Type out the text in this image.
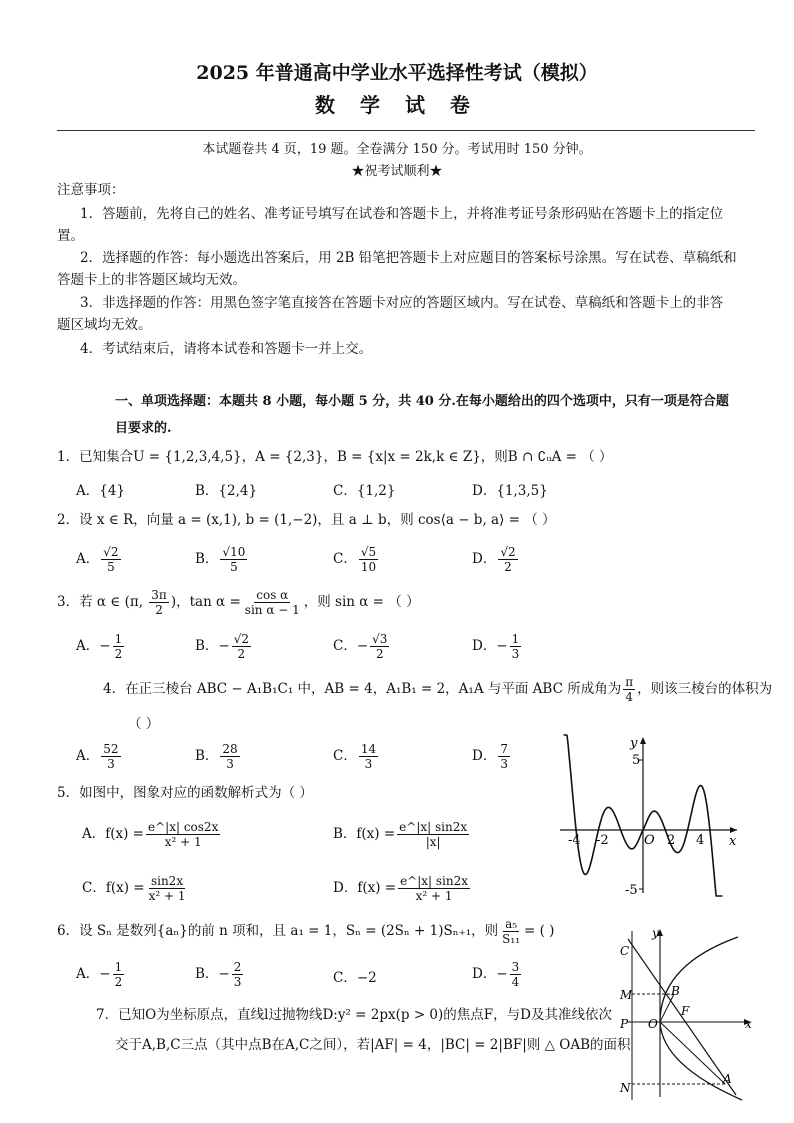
2025 年普通高中学业水平选择性考试（模拟）
数 学 试 卷
本试题卷共 4 页，19 题。全卷满分 150 分。考试用时 150 分钟。
★祝考试顺利★
注意事项：
1．答题前，先将自己的姓名、准考证号填写在试卷和答题卡上，并将准考证号条形码贴在答题卡上的指定位
置。
2．选择题的作答：每小题选出答案后，用 2B 铅笔把答题卡上对应题目的答案标号涂黑。写在试卷、草稿纸和
答题卡上的非答题区域均无效。
3．非选择题的作答：用黑色签字笔直接答在答题卡对应的答题区域内。写在试卷、草稿纸和答题卡上的非答
题区域均无效。
4．考试结束后，请将本试卷和答题卡一并上交。
一、单项选择题：本题共 8 小题，每小题 5 分，共 40 分.在每小题给出的四个选项中，只有一项是符合题
目要求的.
1．已知集合U = {1,2,3,4,5}，A = {2,3}，B = {x|x = 2k,k ∈ Z}，则B ∩ ∁ᵤA = （ ）
A．{4}	B．{2,4}	C．{1,2}	D．{1,3,5}
2．设 x ∈ R，向量 a = (x,1), b = (1,−2)，且 a ⊥ b，则 cos⟨a − b, a⟩ = （ ）
A． $\frac{√2}{5}$	B． $\frac{√10}{5}$	C． $\frac{√5}{10}$	D． $\frac{√2}{2}$
3．若 α ∈ (π, $\frac{3\pi}{2}$ )，$\tan \alpha = \frac{\text{cos α}}{\text{sin α − 1}}$ ，则 sin α = （ ）
A．− $\frac{1}{2}$	B．− $\frac{√2}{2}$	C．− $\frac{√3}{2}$	D．− $\frac{1}{3}$
4．在正三棱台 ABC − A₁B₁C₁ 中，AB = 4，A₁B₁ = 2，A₁A 与平面 ABC 所成角为 $\frac{\pi}{4}$ ，则该三棱台的体积为
（ ）
A． $\frac{52}{3}$	B． $\frac{28}{3}$	C． $\frac{14}{3}$	D． $\frac{7}{3}$
5．如图中，图象对应的函数解析式为（ ）
A．$f(x) = \frac{e\^{}|x| \cos 2x}{\text{x² + 1}}$	B．$f(x) = \frac{e\^{}|x| \sin 2x}{|x|}$
C．$f(x) = \frac{\sin 2x}{\text{x² + 1}}$	D．$f(x) = \frac{e\^{}|x| \sin 2x}{\text{x² + 1}}$
y
x
5
-5
O
-4 -2	2 4
6．设 Sₙ 是数列{aₙ}的前 n 项和，且 a₁ = 1，Sₙ = (2Sₙ + 1)Sₙ₊₁，则 $\frac{\text{a₅}}{\text{S₁₁}}$ = ( )
A．− $\frac{1}{2}$	B．− $\frac{2}{3}$	C．−2	D．− $\frac{3}{4}$
7．已知O为坐标原点，直线l过抛物线D:y² = 2px(p > 0)的焦点F，与D及其准线依次
交于A,B,C三点（其中点B在A,C之间），若|AF| = 4，|BC| = 2|BF|则 △ OAB的面积
y
x
C
M	B
P O
F
N
A
